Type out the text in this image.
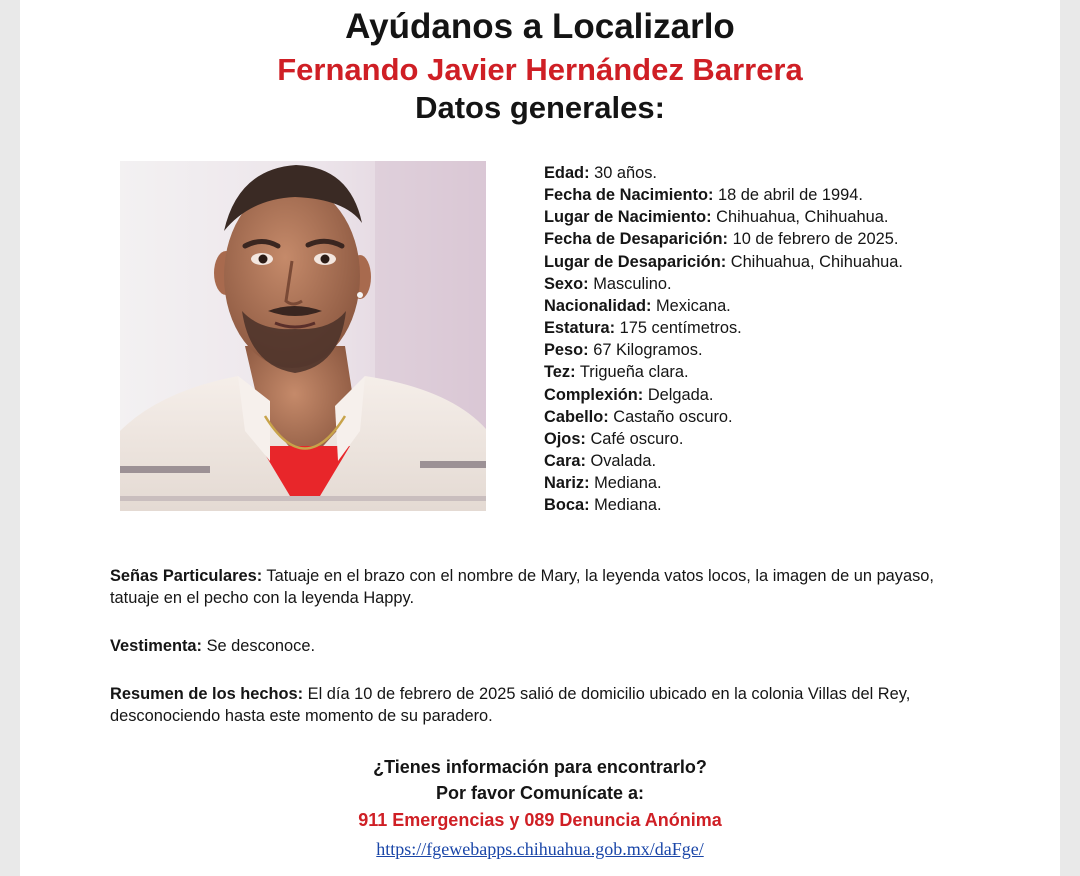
Ayúdanos a Localizarlo
Fernando Javier Hernández Barrera
Datos generales:
Edad: 30 años.
Fecha de Nacimiento: 18 de abril de 1994.
Lugar de Nacimiento: Chihuahua, Chihuahua.
Fecha de Desaparición: 10 de febrero de 2025.
Lugar de Desaparición: Chihuahua, Chihuahua.
Sexo: Masculino.
Nacionalidad: Mexicana.
Estatura: 175 centímetros.
Peso: 67 Kilogramos.
Tez: Trigueña clara.
Complexión: Delgada.
Cabello: Castaño oscuro.
Ojos: Café oscuro.
Cara: Ovalada.
Nariz: Mediana.
Boca: Mediana.
Señas Particulares: Tatuaje en el brazo con el nombre de Mary, la leyenda vatos locos, la imagen de un payaso, tatuaje en el pecho con la leyenda Happy.
Vestimenta: Se desconoce.
Resumen de los hechos: El día 10 de febrero de 2025 salió de domicilio ubicado en la colonia Villas del Rey, desconociendo hasta este momento de su paradero.
¿Tienes información para encontrarlo?
Por favor Comunícate a:
911 Emergencias y 089 Denuncia Anónima
https://fgewebapps.chihuahua.gob.mx/daFge/
